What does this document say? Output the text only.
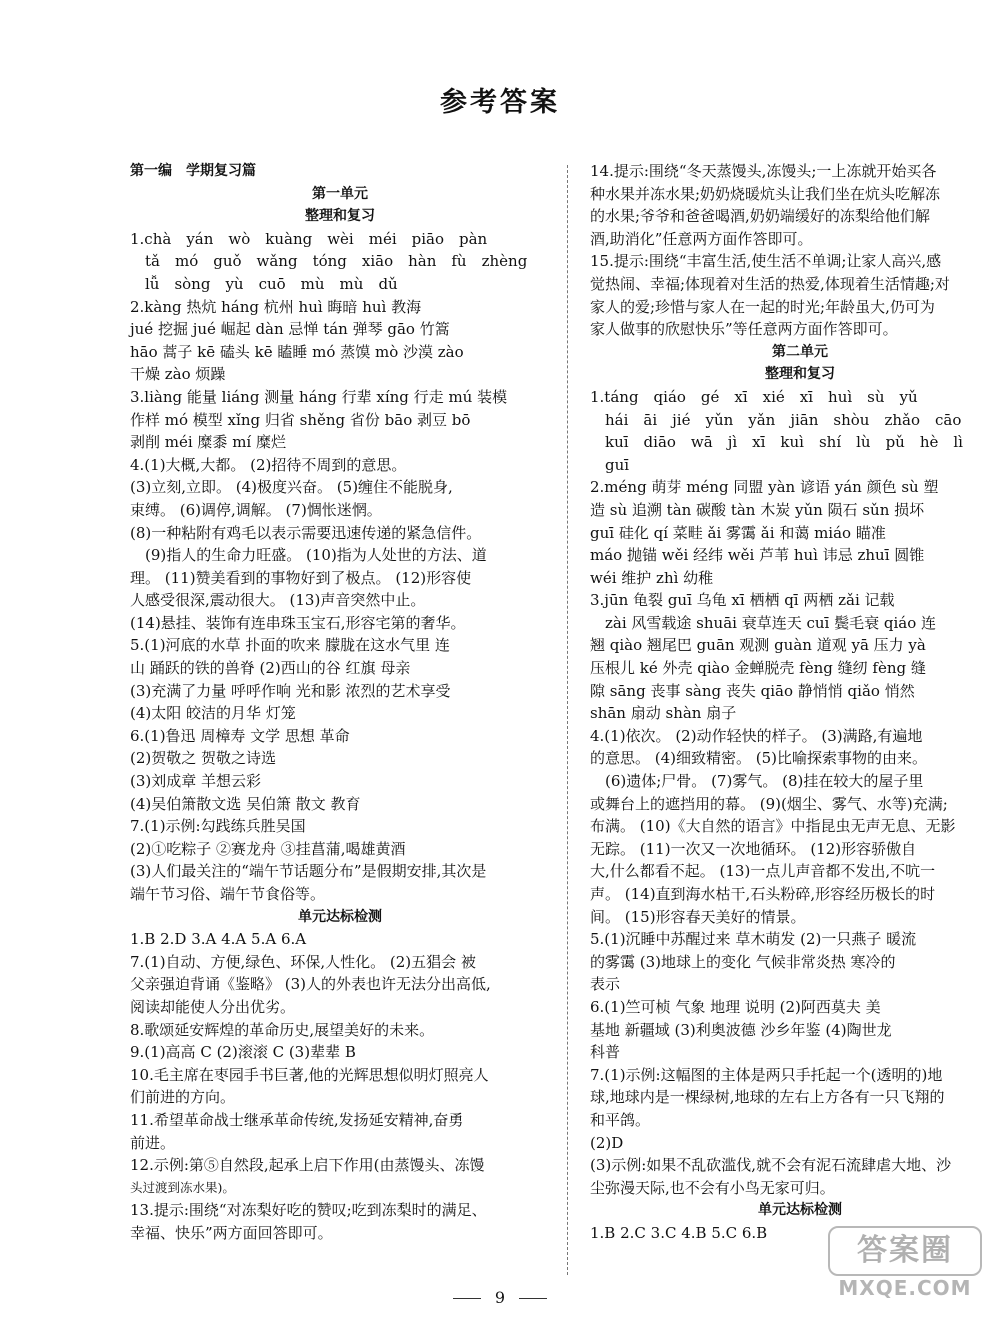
参考答案
第一编　学期复习篇
第一单元
整理和复习
1.chà　yán　wò　kuàng　wèi　méi　piāo　pàn
　tǎ　mó　guǒ　wǎng　tóng　xiāo　hàn　fù　zhèng
　lǚ　sòng　yù　cuō　mù　mù　dǔ
2.kàng 热炕 háng 杭州 huì 晦暗 huì 教海
jué 挖掘 jué 崛起 dàn 忌惮 tán 弹琴 gāo 竹篙
hāo 蒿子 kē 磕头 kē 瞌睡 mó 蒸馍 mò 沙漠 zào
干燥 zào 烦躁
3.liàng 能量 liáng 测量 háng 行辈 xíng 行走 mú 装模
作样 mó 模型 xǐng 归省 shěng 省份 bāo 剥豆 bō
剥削 méi 糜黍 mí 糜烂
4.(1)大概,大都。 (2)招待不周到的意思。
(3)立刻,立即。 (4)极度兴奋。 (5)缠住不能脱身,
束缚。 (6)调停,调解。 (7)惆怅迷惘。
(8)一种粘附有鸡毛以表示需要迅速传递的紧急信件。
　(9)指人的生命力旺盛。 (10)指为人处世的方法、道
理。 (11)赞美看到的事物好到了极点。 (12)形容使
人感受很深,震动很大。 (13)声音突然中止。
(14)悬挂、装饰有连串珠玉宝石,形容宅第的奢华。
5.(1)河底的水草 扑面的吹来 朦胧在这水气里 连
山 踊跃的铁的兽脊 (2)西山的谷 红旗 母亲
(3)充满了力量 呼呼作响 光和影 浓烈的艺术享受
(4)太阳 皎洁的月华 灯笼
6.(1)鲁迅 周樟寿 文学 思想 革命
(2)贺敬之 贺敬之诗选
(3)刘成章 羊想云彩
(4)吴伯箫散文选 吴伯箫 散文 教育
7.(1)示例:勾践练兵胜吴国
(2)①吃粽子 ②赛龙舟 ③挂菖蒲,喝雄黄酒
(3)人们最关注的“端午节话题分布”是假期安排,其次是
端午节习俗、端午节食俗等。
单元达标检测
1.B 2.D 3.A 4.A 5.A 6.A
7.(1)自动、方便,绿色、环保,人性化。 (2)五猖会 被
父亲强迫背诵《鉴略》 (3)人的外表也许无法分出高低,
阅读却能使人分出优劣。
8.歌颂延安辉煌的革命历史,展望美好的未来。
9.(1)高高 C (2)滚滚 C (3)辈辈 B
10.毛主席在枣园手书巨著,他的光辉思想似明灯照亮人
们前进的方向。
11.希望革命战士继承革命传统,发扬延安精神,奋勇
前进。
12.示例:第⑤自然段,起承上启下作用(由蒸馒头、冻馒
头过渡到冻水果)。
13.提示:围绕“对冻梨好吃的赞叹;吃到冻梨时的满足、
幸福、快乐”两方面回答即可。
14.提示:围绕“冬天蒸馒头,冻馒头;一上冻就开始买各
种水果并冻水果;奶奶烧暖炕头让我们坐在炕头吃解冻
的水果;爷爷和爸爸喝酒,奶奶端缓好的冻梨给他们解
酒,助消化”任意两方面作答即可。
15.提示:围绕“丰富生活,使生活不单调;让家人高兴,感
觉热闹、幸福;体现着对生活的热爱,体现着生活情趣;对
家人的爱;珍惜与家人在一起的时光;年龄虽大,仍可为
家人做事的欣慰快乐”等任意两方面作答即可。
第二单元
整理和复习
1.táng　qiáo　gé　xī　xié　xī　huì　sù　yǔ
　hái　āi　jié　yǔn　yǎn　jiān　shòu　zhǎo　cāo
　kuī　diāo　wā　jì　xī　kuì　shí　lù　pǔ　hè　lì
　guī
2.méng 萌芽 méng 同盟 yàn 谚语 yán 颜色 sù 塑
造 sù 追溯 tàn 碳酸 tàn 木炭 yǔn 陨石 sǔn 损坏
guī 硅化 qí 菜畦 ǎi 雾霭 ǎi 和蔼 miáo 瞄准
máo 抛锚 wěi 经纬 wěi 芦苇 huì 讳忌 zhuī 圆锥
wéi 维护 zhì 幼稚
3.jūn 龟裂 guī 乌龟 xī 栖栖 qī 两栖 zǎi 记载
　zài 风雪载途 shuāi 衰草连天 cuī 鬓毛衰 qiáo 连
翘 qiào 翘尾巴 guān 观测 guàn 道观 yā 压力 yà
压根儿 ké 外壳 qiào 金蝉脱壳 fèng 缝纫 fèng 缝
隙 sāng 丧事 sàng 丧失 qiāo 静悄悄 qiǎo 悄然
shān 扇动 shàn 扇子
4.(1)依次。 (2)动作轻快的样子。 (3)满路,有遍地
的意思。 (4)细致精密。 (5)比喻探索事物的由来。
　(6)遗体;尸骨。 (7)雾气。 (8)挂在较大的屋子里
或舞台上的遮挡用的幕。 (9)(烟尘、雾气、水等)充满;
布满。 (10)《大自然的语言》中指昆虫无声无息、无影
无踪。 (11)一次又一次地循环。 (12)形容骄傲自
大,什么都看不起。 (13)一点儿声音都不发出,不吭一
声。 (14)直到海水枯干,石头粉碎,形容经历极长的时
间。 (15)形容春天美好的情景。
5.(1)沉睡中苏醒过来 草木萌发 (2)一只燕子 暖流
的雾霭 (3)地球上的变化 气候非常炎热 寒冷的
表示
6.(1)竺可桢 气象 地理 说明 (2)阿西莫夫 美
基地 新疆域 (3)利奥波德 沙乡年鉴 (4)陶世龙
科普
7.(1)示例:这幅图的主体是两只手托起一个(透明的)地
球,地球内是一棵绿树,地球的左右上方各有一只飞翔的
和平鸽。
(2)D
(3)示例:如果不乱砍滥伐,就不会有泥石流肆虐大地、沙
尘弥漫天际,也不会有小鸟无家可归。
单元达标检测
1.B 2.C 3.C 4.B 5.C 6.B
9
答案圈
MXQE.COM
